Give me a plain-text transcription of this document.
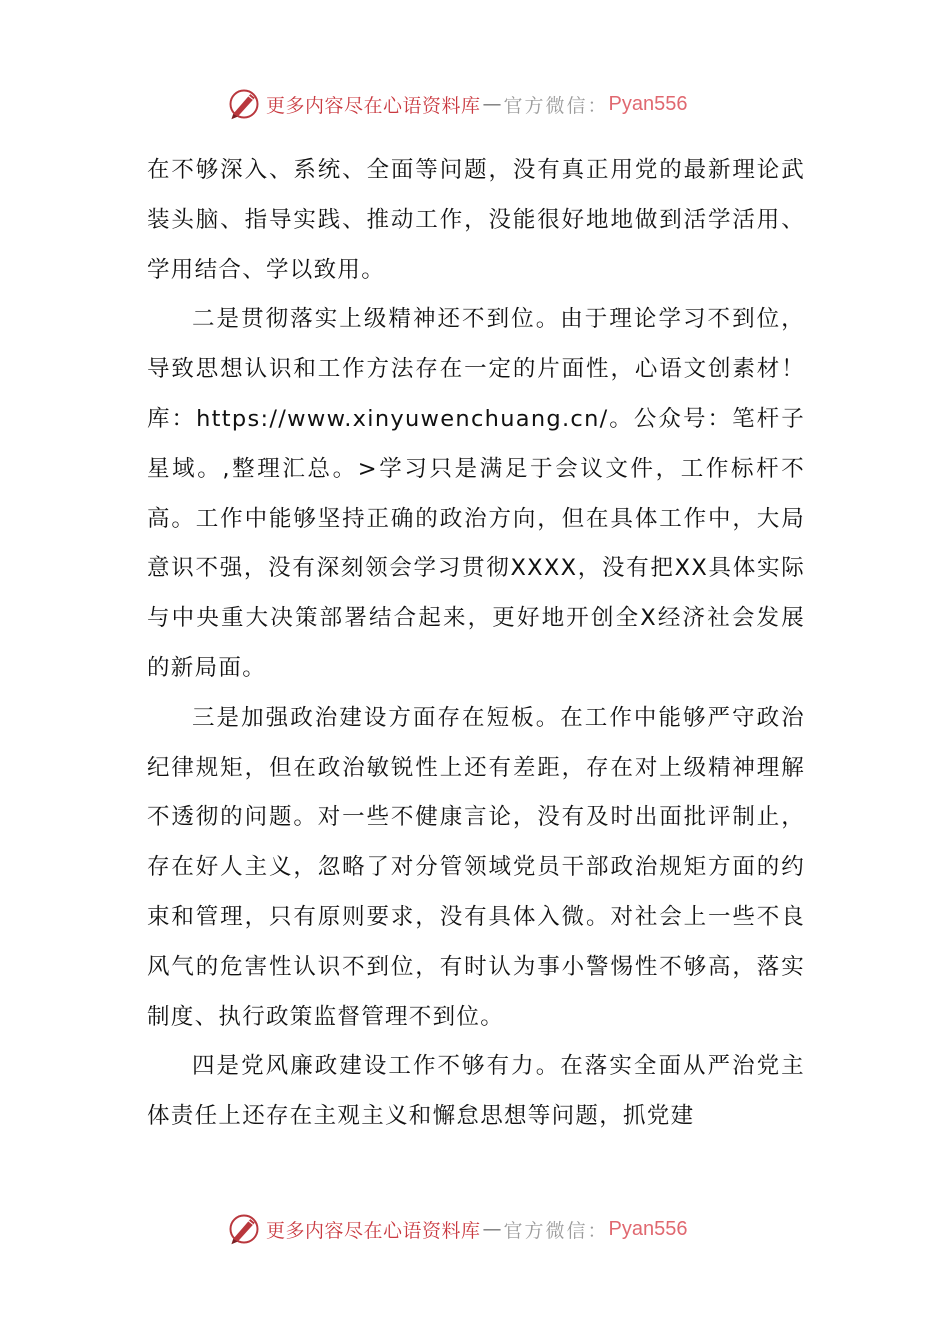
更多内容尽在心语资料库 — 官方微信： Pyan556

在不够深入、系统、全面等问题，没有真正用党的最新理论武装头脑、指导实践、推动工作，没能很好地地做到活学活用、学用结合、学以致用。

二是贯彻落实上级精神还不到位。由于理论学习不到位，导致思想认识和工作方法存在一定的片面性，心语文创素材！库：https://www.xinyuwenchuang.cn/。公众号：笔杆子星域。,整理汇总。>学习只是满足于会议文件，工作标杆不高。工作中能够坚持正确的政治方向，但在具体工作中，大局意识不强，没有深刻领会学习贯彻XXXX，没有把XX具体实际与中央重大决策部署结合起来，更好地开创全X经济社会发展的新局面。

三是加强政治建设方面存在短板。在工作中能够严守政治纪律规矩，但在政治敏锐性上还有差距，存在对上级精神理解不透彻的问题。对一些不健康言论，没有及时出面批评制止，存在好人主义，忽略了对分管领域党员干部政治规矩方面的约束和管理，只有原则要求，没有具体入微。对社会上一些不良风气的危害性认识不到位，有时认为事小警惕性不够高，落实制度、执行政策监督管理不到位。

四是党风廉政建设工作不够有力。在落实全面从严治党主体责任上还存在主观主义和懈怠思想等问题，抓党建

更多内容尽在心语资料库 — 官方微信： Pyan556
